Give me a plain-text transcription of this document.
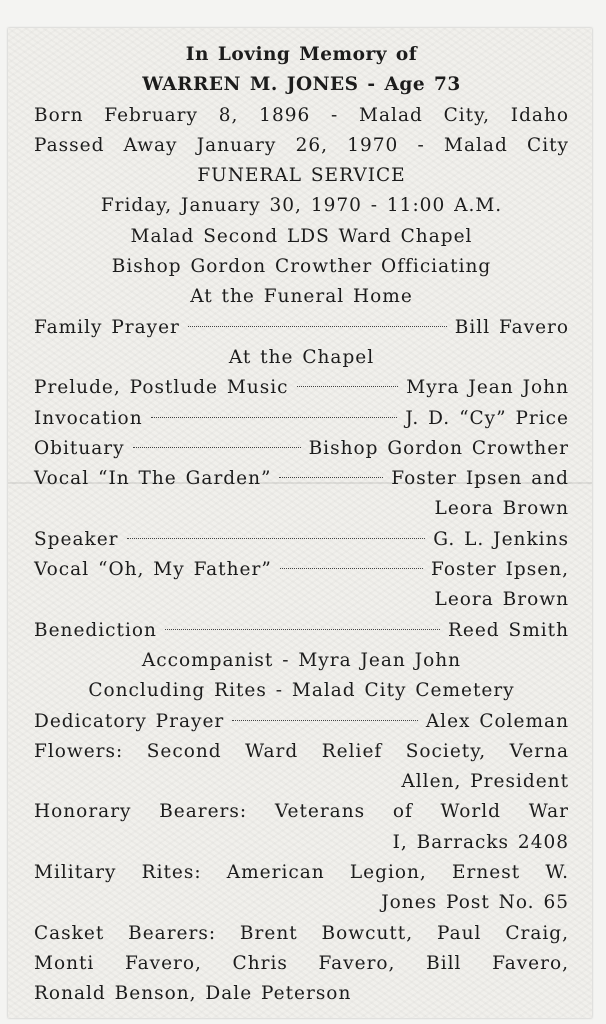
In Loving Memory of
WARREN M. JONES - Age 73
Born February 8, 1896 - Malad City, Idaho
Passed Away January 26, 1970 - Malad City
FUNERAL SERVICE
Friday, January 30, 1970 - 11:00 A.M.
Malad Second LDS Ward Chapel
Bishop Gordon Crowther Officiating
At the Funeral Home
Family Prayer	Bill Favero
At the Chapel
Prelude, Postlude Music	Myra Jean John
Invocation	J. D. “Cy” Price
Obituary	Bishop Gordon Crowther
Vocal “In The Garden”	Foster Ipsen and
Leora Brown
Speaker	G. L. Jenkins
Vocal “Oh, My Father”	Foster Ipsen,
Leora Brown
Benediction	Reed Smith
Accompanist - Myra Jean John
Concluding Rites - Malad City Cemetery
Dedicatory Prayer	Alex Coleman
Flowers: Second Ward Relief Society, Verna
Allen, President
Honorary Bearers: Veterans of World War
I, Barracks 2408
Military Rites: American Legion, Ernest W.
Jones Post No. 65
Casket Bearers: Brent Bowcutt, Paul Craig,
Monti Favero, Chris Favero, Bill Favero,
Ronald Benson, Dale Peterson
